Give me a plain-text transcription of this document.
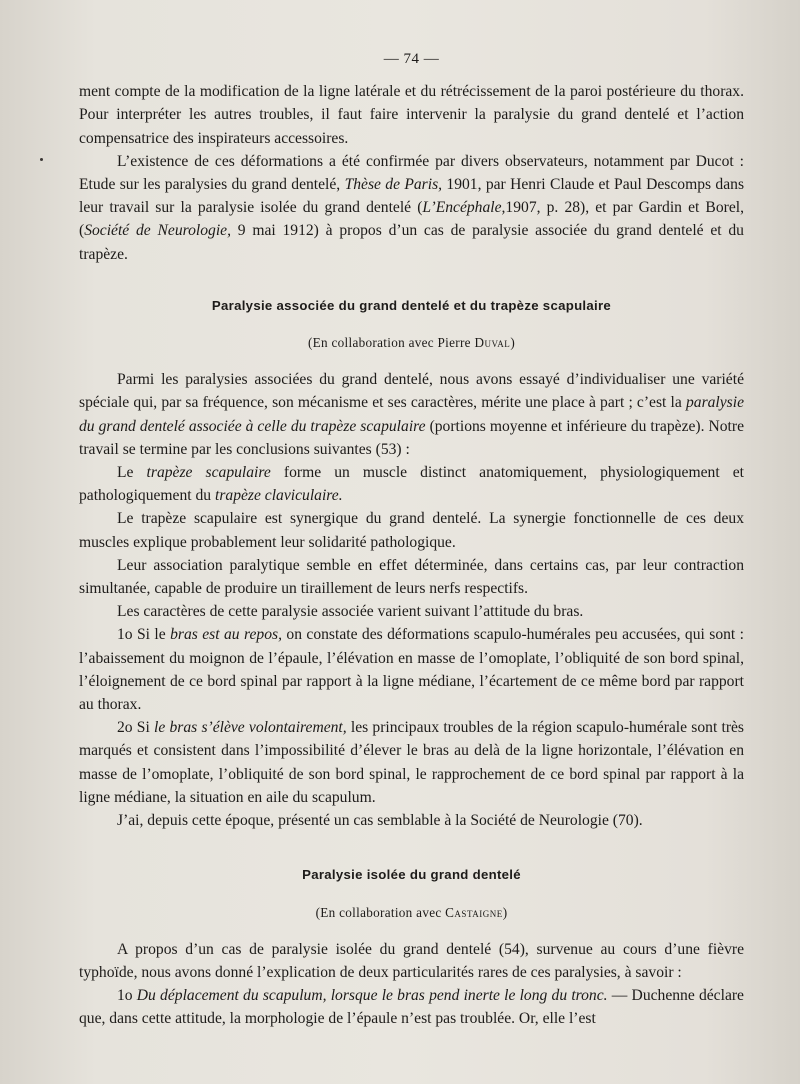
— 74 —

ment compte de la modification de la ligne latérale et du rétrécissement de la paroi postérieure du thorax. Pour interpréter les autres troubles, il faut faire intervenir la paralysie du grand dentelé et l’action compensatrice des inspirateurs accessoires.

L’existence de ces déformations a été confirmée par divers observateurs, notamment par Ducot : Etude sur les paralysies du grand dentelé, Thèse de Paris, 1901, par Henri Claude et Paul Descomps dans leur travail sur la paralysie isolée du grand dentelé (L’Encéphale,1907, p. 28), et par Gardin et Borel, (Société de Neurologie, 9 mai 1912) à propos d’un cas de paralysie associée du grand dentelé et du trapèze.

Paralysie associée du grand dentelé et du trapèze scapulaire
(En collaboration avec Pierre Duval)

Parmi les paralysies associées du grand dentelé, nous avons essayé d’individualiser une variété spéciale qui, par sa fréquence, son mécanisme et ses caractères, mérite une place à part ; c’est la paralysie du grand dentelé associée à celle du trapèze scapulaire (portions moyenne et inférieure du trapèze). Notre travail se termine par les conclusions suivantes (53) :

Le trapèze scapulaire forme un muscle distinct anatomiquement, physiologiquement et pathologiquement du trapèze claviculaire.

Le trapèze scapulaire est synergique du grand dentelé. La synergie fonctionnelle de ces deux muscles explique probablement leur solidarité pathologique.

Leur association paralytique semble en effet déterminée, dans certains cas, par leur contraction simultanée, capable de produire un tiraillement de leurs nerfs respectifs.

Les caractères de cette paralysie associée varient suivant l’attitude du bras.

1o Si le bras est au repos, on constate des déformations scapulo-humérales peu accusées, qui sont : l’abaissement du moignon de l’épaule, l’élévation en masse de l’omoplate, l’obliquité de son bord spinal, l’éloignement de ce bord spinal par rapport à la ligne médiane, l’écartement de ce même bord par rapport au thorax.

2o Si le bras s’élève volontairement, les principaux troubles de la région scapulo-humérale sont très marqués et consistent dans l’impossibilité d’élever le bras au delà de la ligne horizontale, l’élévation en masse de l’omoplate, l’obliquité de son bord spinal, le rapprochement de ce bord spinal par rapport à la ligne médiane, la situation en aile du scapulum.

J’ai, depuis cette époque, présenté un cas semblable à la Société de Neurologie (70).

Paralysie isolée du grand dentelé
(En collaboration avec Castaigne)

A propos d’un cas de paralysie isolée du grand dentelé (54), survenue au cours d’une fièvre typhoïde, nous avons donné l’explication de deux particularités rares de ces paralysies, à savoir :

1o Du déplacement du scapulum, lorsque le bras pend inerte le long du tronc. — Duchenne déclare que, dans cette attitude, la morphologie de l’épaule n’est pas troublée. Or, elle l’est
